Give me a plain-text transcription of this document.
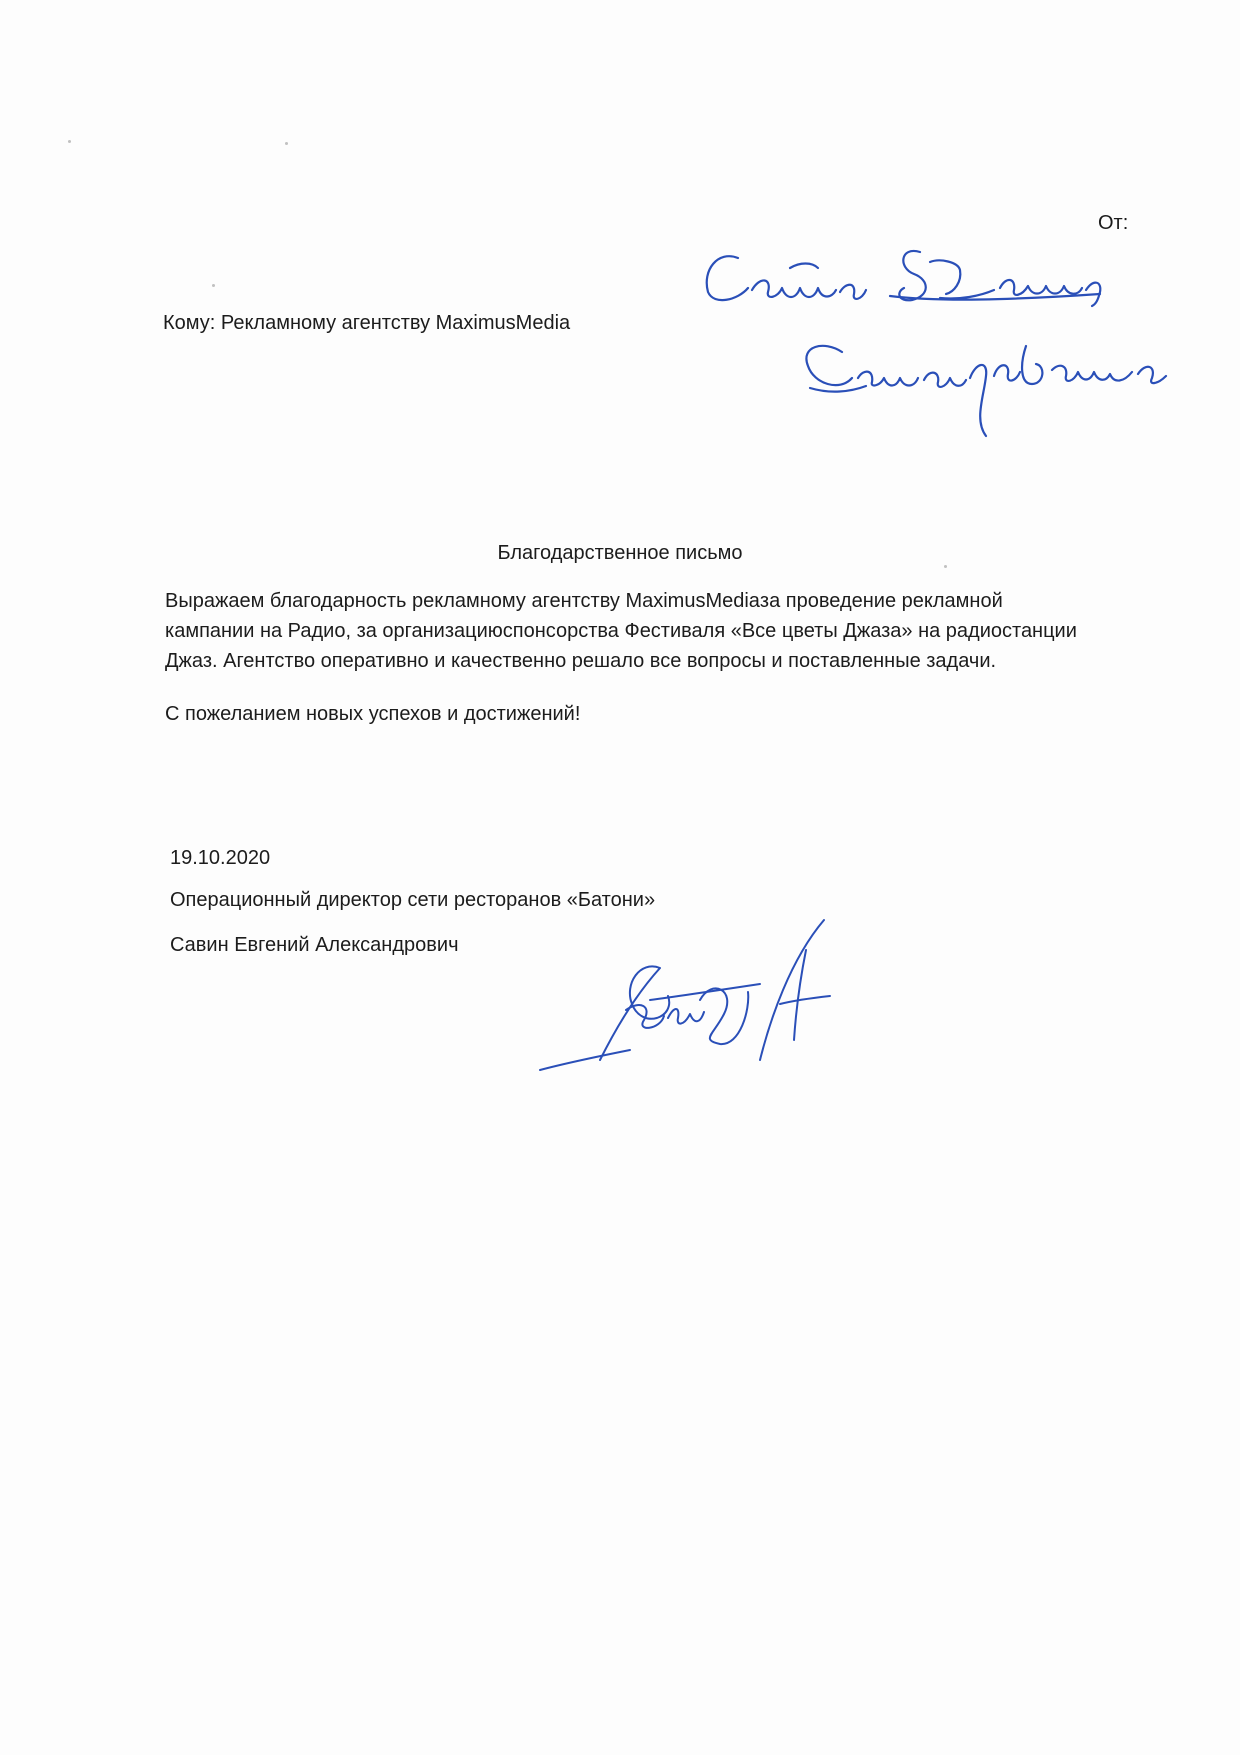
От:
Кому: Рекламному агентству MaximusMedia
Благодарственное письмо
Выражаем благодарность рекламному агентству MaximusMediaза проведение рекламной
кампании на Радио, за организациюспонсорства Фестиваля «Все цветы Джаза» на радиостанции
Джаз. Агентство оперативно и качественно решало все вопросы и поставленные задачи.
С пожеланием новых успехов и достижений!
19.10.2020
Операционный директор сети ресторанов «Батони»
Савин Евгений Александрович
